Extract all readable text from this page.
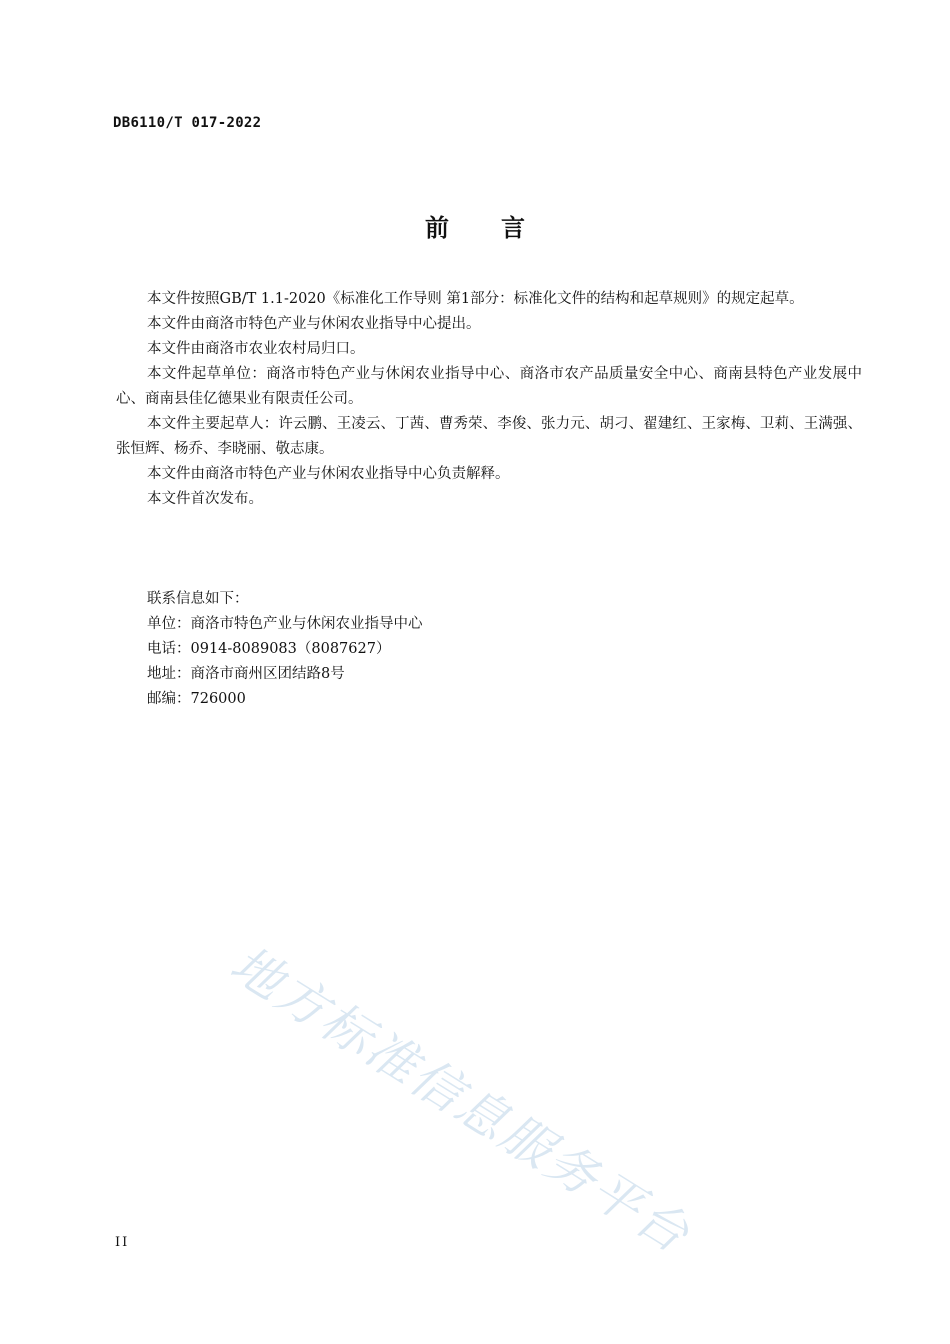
DB6110/T 017-2022
前言

本文件按照GB/T 1.1-2020《标准化工作导则 第1部分：标准化文件的结构和起草规则》的规定起草。

本文件由商洛市特色产业与休闲农业指导中心提出。

本文件由商洛市农业农村局归口。

本文件起草单位：商洛市特色产业与休闲农业指导中心、商洛市农产品质量安全中心、商南县特色产业发展中心、商南县佳亿德果业有限责任公司。

本文件主要起草人：许云鹏、王凌云、丁茜、曹秀荣、李俊、张力元、胡刁、翟建红、王家梅、卫莉、王满强、张恒辉、杨乔、李晓丽、敬志康。

本文件由商洛市特色产业与休闲农业指导中心负责解释。

本文件首次发布。

联系信息如下：
单位：商洛市特色产业与休闲农业指导中心
电话：0914-8089083（8087627）
地址：商洛市商州区团结路8号
邮编：726000
地方标准信息服务平台
II
